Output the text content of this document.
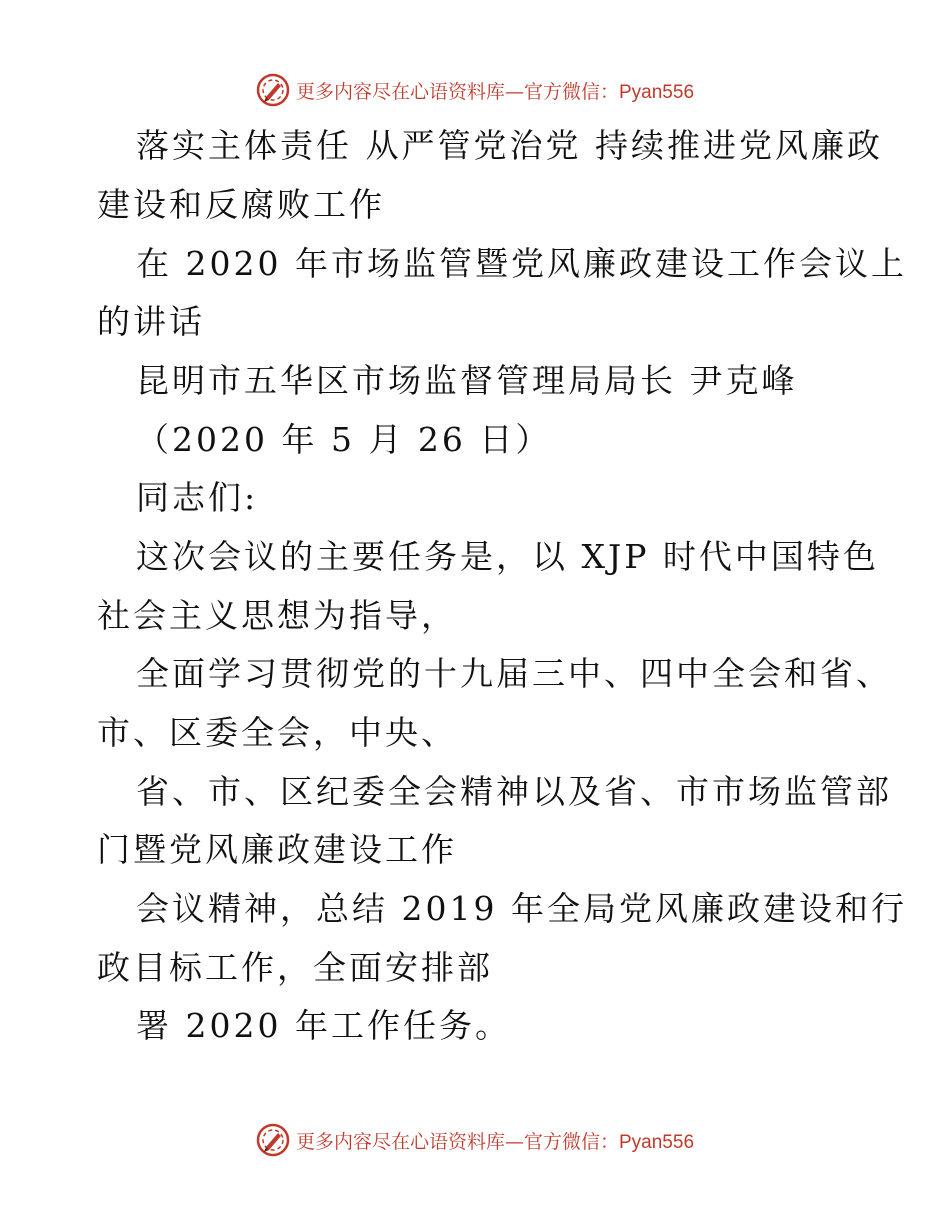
更多内容尽在心语资料库—官方微信：Pyan556
落实主体责任 从严管党治党 持续推进党风廉政
建设和反腐败工作
在 2020 年市场监管暨党风廉政建设工作会议上
的讲话
昆明市五华区市场监督管理局局长 尹克峰
（2020 年 5 月 26 日）
同志们:
这次会议的主要任务是，以 XJP 时代中国特色
社会主义思想为指导，
全面学习贯彻党的十九届三中、四中全会和省、
市、区委全会，中央、
省、市、区纪委全会精神以及省、市市场监管部
门暨党风廉政建设工作
会议精神，总结 2019 年全局党风廉政建设和行
政目标工作，全面安排部
署 2020 年工作任务。
更多内容尽在心语资料库—官方微信：Pyan556
